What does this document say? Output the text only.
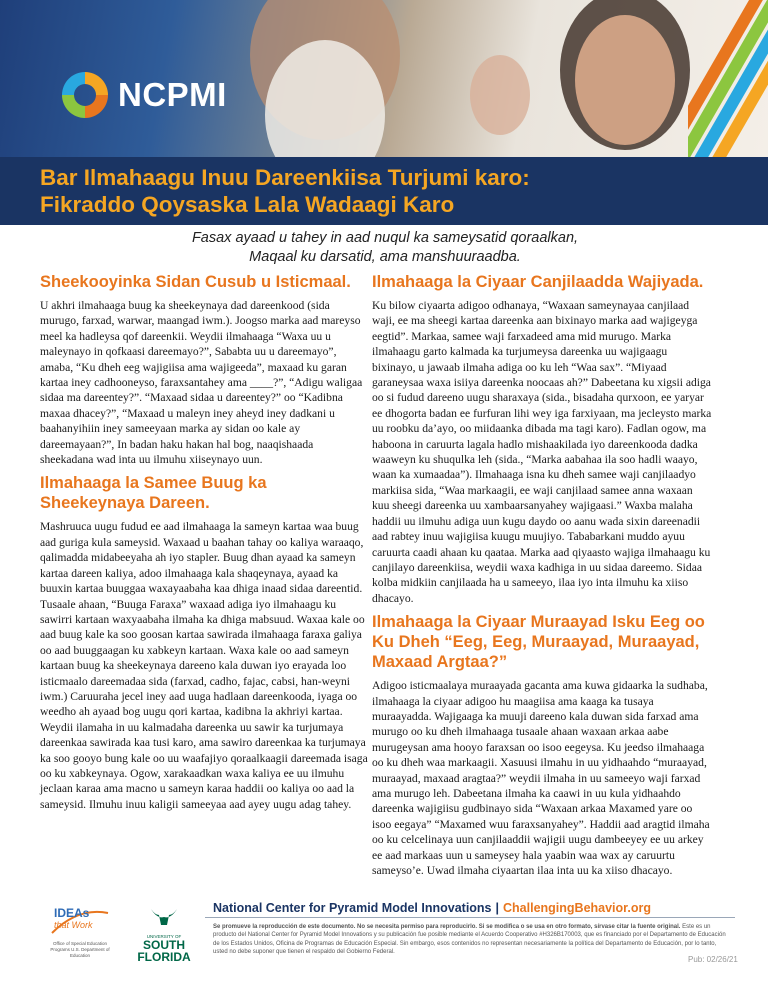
NCPMI
Bar Ilmahaagu Inuu Dareenkiisa Turjumi karo:
Fikraddo Qoysaska Lala Wadaagi Karo
Fasax ayaad u tahey in aad nuqul ka sameysatid qoraalkan,
Maqaal ku darsatid, ama manshuuraadba.
Sheekooyinka Sidan Cusub u Isticmaal.

U akhri ilmahaaga buug ka sheekeynaya dad dareenkood (sida murugo, farxad, warwar, maangad iwm.). Joogso marka aad mareyso meel ka hadleysa qof dareenkii. Weydii ilmahaaga “Waxa uu u maleynayo in qofkaasi dareemayo?”, Sababta uu u dareemayo”, amaba, “Ku dheh eeg wajigiisa ama wajigeeda”, maxaad ku garan kartaa iney cadhooneyso, faraxsantahey ama ____?”, “Adigu waligaa sidaa ma dareentey?”. “Maxaad sidaa u dareentey?” oo “Kadibna maxaa dhacey?”, “Maxaad u maleyn iney aheyd iney dadkani u baahanyihiin iney sameeyaan marka ay sidan oo kale ay dareemayaan?”, In badan haku hakan hal bog, naaqishaada sheekadana wad inta uu ilmuhu xiiseynayo uun.

Ilmahaaga la Samee Buug ka Sheekeynaya Dareen.

Mashruuca uugu fudud ee aad ilmahaaga la sameyn kartaa waa buug aad guriga kula sameysid. Waxaad u baahan tahay oo kaliya waraaqo, qalimadda midabeeyaha ah iyo stapler. Buug dhan ayaad ka sameyn kartaa dareen kaliya, adoo ilmahaaga kala shaqeynaya, ayaad ka buuxin kartaa buuggaa waxayaabaha kaa dhiga inaad sidaa dareentid. Tusaale ahaan, “Buuga Faraxa” waxaad adiga iyo ilmahaagu ku sawirri kartaan waxyaabaha ilmaha ka dhiga mabsuud. Waxaa kale oo aad buug kale ka soo goosan kartaa sawirada ilmahaaga faraxa galiya oo aad buuggaagan ku xabkeyn kartaan. Waxa kale oo aad sameyn kartaan buug ka sheekeynaya dareeno kala duwan iyo erayada loo isticmaalo dareemadaa sida (farxad, cadho, fajac, cabsi, han-weyni iwm.) Caruuraha jecel iney aad uuga hadlaan dareenkooda, iyaga oo weedho ah ayaad bog uugu qori kartaa, kadibna la akhriyi kartaa. Weydii ilamaha in uu kalmadaha dareenka uu sawir ka turjumaya dareenkaa sawirada kaa tusi karo, ama sawiro dareenkaa ka turjumaya ka soo gooyo bung kale oo uu waafajiyo qoraalkaagii dareemada isaga oo ku xabkeynaya. Ogow, xarakaadkan waxa kaliya ee uu ilmuhu jeclaan karaa ama macno u sameyn karaa haddii oo kaliya oo aad la sameysid. Ilmuhu inuu kaligii sameeyaa aad ayey uugu adag tahey.

Ilmahaaga la Ciyaar Canjilaadda Wajiyada.

Ku bilow ciyaarta adigoo odhanaya, “Waxaan sameynayaa canjilaad waji, ee ma sheegi kartaa dareenka aan bixinayo marka aad wajigeyga eegtid”. Markaa, samee waji farxadeed ama mid murugo. Marka ilmahaagu garto kalmada ka turjumeysa dareenka uu wajigaagu bixinayo, u jawaab ilmaha adiga oo ku leh “Waa sax”. “Miyaad garaneysaa waxa isiiya dareenka noocaas ah?” Dabeetana ku xigsii adiga oo si fudud dareeno uugu sharaxaya (sida., bisadaha qurxoon, ee yaryar ee dhogorta badan ee furfuran lihi wey iga farxiyaan, ma jecleysto marka uu roobku da’ayo, oo miidaanka dibada ma tagi karo). Fadlan ogow, ma haboona in caruurta lagala hadlo mishaakilada iyo dareenkooda dadka waaweyn ku shuqulka leh (sida., “Marka aabahaa ila soo hadli waayo, waan ka xumaadaa”). Ilmahaaga isna ku dheh samee waji canjilaadyo markiisa sida, “Waa markaagii, ee waji canjilaad samee anna waxaan kuu sheegi dareenka uu xambaarsanyahey wajigaasi.” Waxba malaha haddii uu ilmuhu adiga uun kugu daydo oo aanu wada sixin dareenadii aad rabtey inuu wajigiisa kuugu muujiyo. Tababarkani muddo ayuu caruurta caadi ahaan ku qaataa. Marka aad qiyaasto wajiga ilmahaagu ku canjilayo dareenkiisa, weydii waxa kadhiga in uu sidaa dareemo. Sidaa kolba midkiin canjilaada ha u sameeyo, ilaa iyo inta ilmuhu ka xiiso dhacayo.

Ilmahaaga la Ciyaar Muraayad Isku Eeg oo Ku Dheh “Eeg, Eeg, Muraayad, Muraayad, Maxaad Argtaa?”

Adigoo isticmaalaya muraayada gacanta ama kuwa gidaarka la sudhaba, ilmahaaga la ciyaar adigoo hu maagiisa ama kaaga ka tusaya muraayadda. Wajigaaga ka muuji dareeno kala duwan sida farxad ama murugo oo ku dheh ilmahaaga tusaale ahaan waxaan arkaa aabe murugeysan ama hooyo faraxsan oo isoo eegeysa. Ku jeedso ilmahaaga oo ku dheh waa markaagii. Xasuusi ilmahu in uu yidhaahdo “muraayad, muraayad, maxaad aragtaa?” weydii ilmaha in uu sameeyo waji farxad ama murugo leh. Dabeetana ilmaha ka caawi in uu kula yidhaahdo dareenka wajigiisu gudbinayo sida “Waxaan arkaa Maxamed yare oo isoo eegaya” “Maxamed wuu faraxsanyahey”. Haddii aad aragtid ilmaha oo ku celcelinaya uun canjilaaddii wajigii uugu dambeeyey ee uu arkey ee aad markaas uun u sameysey hala yaabin waa wax ay caruurtu sameyso’e. Uwad ilmaha ciyaartan ilaa inta uu ka xiiso dhacayo.

IDEAs
that Work
Office of Special Education Programs U.S. Department of Education
UNIVERSITY OF
SOUTH
FLORIDA
National Center for Pyramid Model Innovations | ChallengingBehavior.org
Se promueve la reproducción de este documento. No se necesita permiso para reproducirlo. Si se modifica o se usa en otro formato, sírvase citar la fuente original. Este es un producto del National Center for Pyramid Model Innovations y su publicación fue posible mediante el Acuerdo Cooperativo #H326B170003, que es financiado por el Departamento de Educación de los Estados Unidos, Oficina de Programas de Educación Especial. Sin embargo, esos contenidos no representan necesariamente la política del Departamento de Educación, por lo tanto, usted no debe suponer que tienen el respaldo del Gobierno Federal.
Pub: 02/26/21
